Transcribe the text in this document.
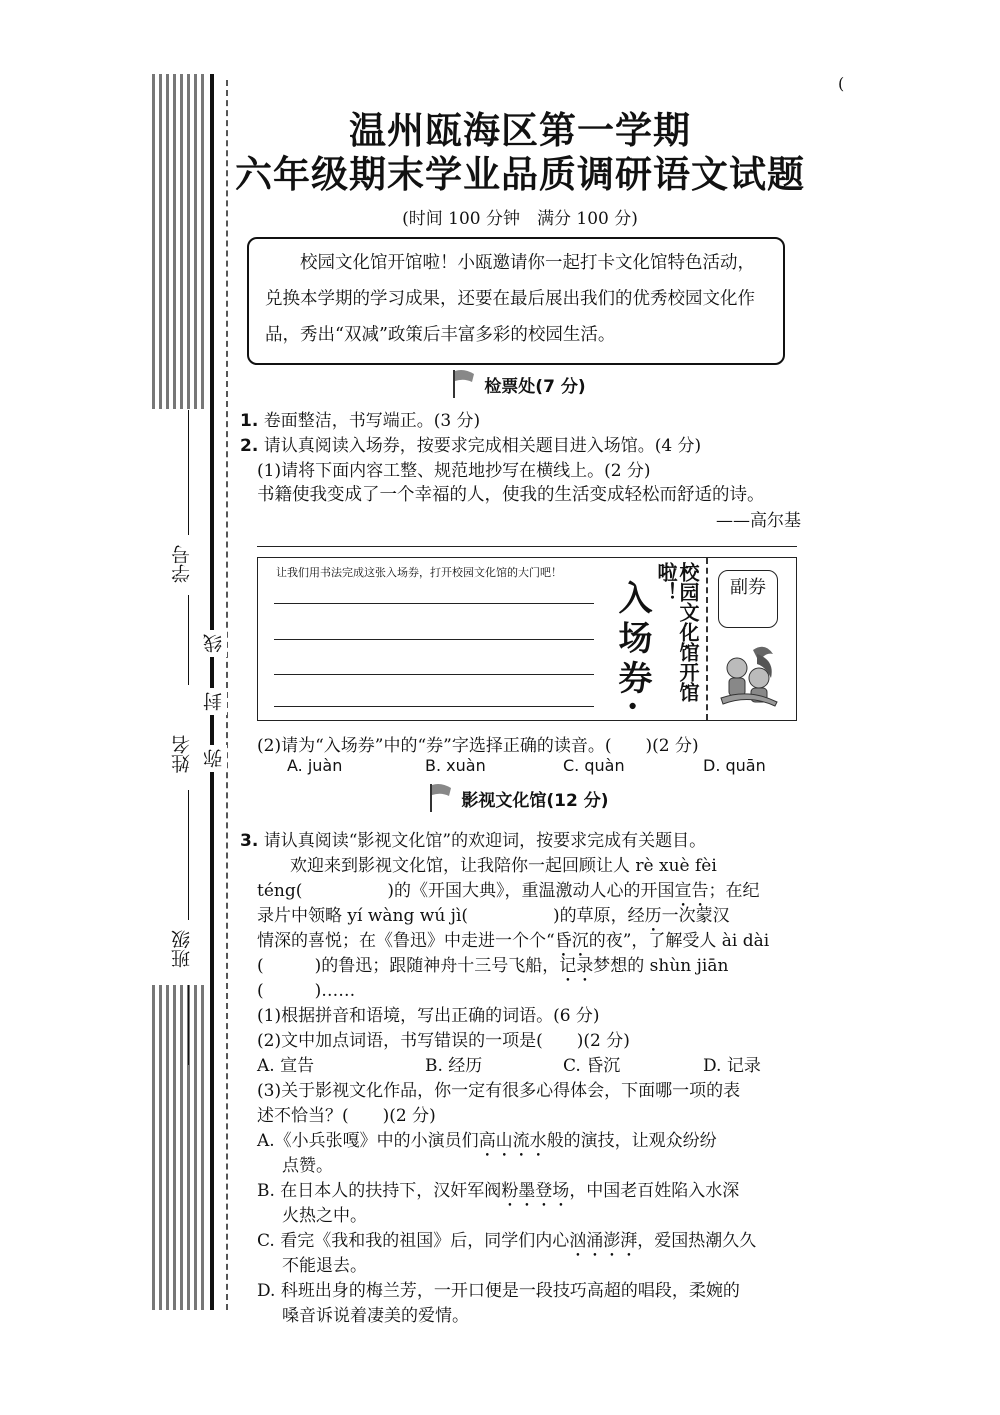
学号
线
封
姓名 弥
班级
(
温州瓯海区第一学期
六年级期末学业品质调研语文试题
(时间 100 分钟　满分 100 分)
校园文化馆开馆啦！小瓯邀请你一起打卡文化馆特色活动，兑换本学期的学习成果，还要在最后展出我们的优秀校园文化作品，秀出“双减”政策后丰富多彩的校园生活。
检票处(7 分)
1. 卷面整洁，书写端正。(3 分)
2. 请认真阅读入场券，按要求完成相关题目进入场馆。(4 分)
(1)请将下面内容工整、规范地抄写在横线上。(2 分)
书籍使我变成了一个幸福的人，使我的生活变成轻松而舒适的诗。
——高尔基
让我们用书法完成这张入场券，打开校园文化馆的大门吧！
入场券·	校园文化馆开馆啦！	副券
(2)请为“入场券”中的“券”字选择正确的读音。(　　)(2 分)
A. juàn	B. xuàn	C. quàn	D. quān
影视文化馆(12 分)
3. 请认真阅读“影视文化馆”的欢迎词，按要求完成有关题目。
欢迎来到影视文化馆，让我陪你一起回顾让人 rè xuè fèi
téng(　　　　　)的《开国大典》，重温激动人心的开国宣告；在纪
录片中领略 yí wàng wú jì(　　　　　)的草原，经历一次蒙汉
情深的喜悦；在《鲁迅》中走进一个个“昏沉的夜”，了解受人 ài dài
(　　　)的鲁迅；跟随神舟十三号飞船，记录梦想的 shùn jiān
(　　　)……
(1)根据拼音和语境，写出正确的词语。(6 分)
(2)文中加点词语，书写错误的一项是(　　)(2 分)
A. 宣告	B. 经历	C. 昏沉	D. 记录
(3)关于影视文化作品，你一定有很多心得体会，下面哪一项的表
述不恰当？(　　)(2 分)
A.《小兵张嘎》中的小演员们高山流水般的演技，让观众纷纷
点赞。
B. 在日本人的扶持下，汉奸军阀粉墨登场，中国老百姓陷入水深
火热之中。
C. 看完《我和我的祖国》后，同学们内心汹涌澎湃，爱国热潮久久
不能退去。
D. 科班出身的梅兰芳，一开口便是一段技巧高超的唱段，柔婉的
嗓音诉说着凄美的爱情。
